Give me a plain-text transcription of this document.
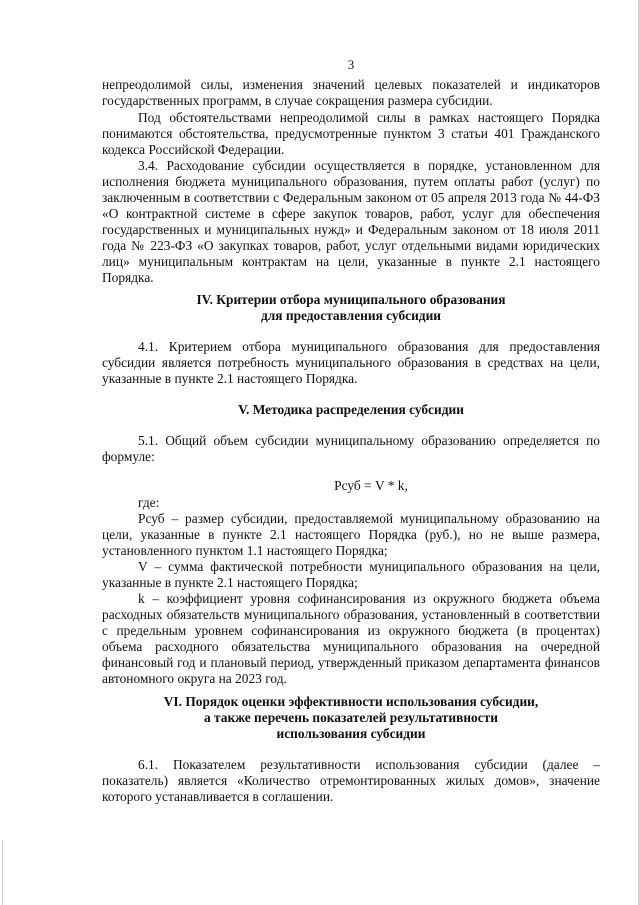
3

непреодолимой силы, изменения значений целевых показателей и индикаторов государственных программ, в случае сокращения размера субсидии.

Под обстоятельствами непреодолимой силы в рамках настоящего Порядка понимаются обстоятельства, предусмотренные пунктом 3 статьи 401 Гражданского кодекса Российской Федерации.

3.4. Расходование субсидии осуществляется в порядке, установленном для исполнения бюджета муниципального образования, путем оплаты работ (услуг) по заключенным в соответствии с Федеральным законом от 05 апреля 2013 года № 44-ФЗ «О контрактной системе в сфере закупок товаров, работ, услуг для обеспечения государственных и муниципальных нужд» и Федеральным законом от 18 июля 2011 года № 223-ФЗ «О закупках товаров, работ, услуг отдельными видами юридических лиц» муниципальным контрактам на цели, указанные в пункте 2.1 настоящего Порядка.

IV. Критерии отбора муниципального образования

для предоставления субсидии

4.1. Критерием отбора муниципального образования для предоставления субсидии является потребность муниципального образования в средствах на цели, указанные в пункте 2.1 настоящего Порядка.

V. Методика распределения субсидии

5.1. Общий объем субсидии муниципальному образованию определяется по формуле:

Рсуб = V * k,

где:

Рсуб – размер субсидии, предоставляемой муниципальному образованию на цели, указанные в пункте 2.1 настоящего Порядка (руб.), но не выше размера, установленного пунктом 1.1 настоящего Порядка;

V – сумма фактической потребности муниципального образования на цели, указанные в пункте 2.1 настоящего Порядка;

k – коэффициент уровня софинансирования из окружного бюджета объема расходных обязательств муниципального образования, установленный в соответствии с предельным уровнем софинансирования из окружного бюджета (в процентах) объема расходного обязательства муниципального образования на очередной финансовый год и плановый период, утвержденный приказом департамента финансов автономного округа на 2023 год.

VI. Порядок оценки эффективности использования субсидии,

а также перечень показателей результативности

использования субсидии

6.1. Показателем результативности использования субсидии (далее – показатель) является «Количество отремонтированных жилых домов», значение которого устанавливается в соглашении.
